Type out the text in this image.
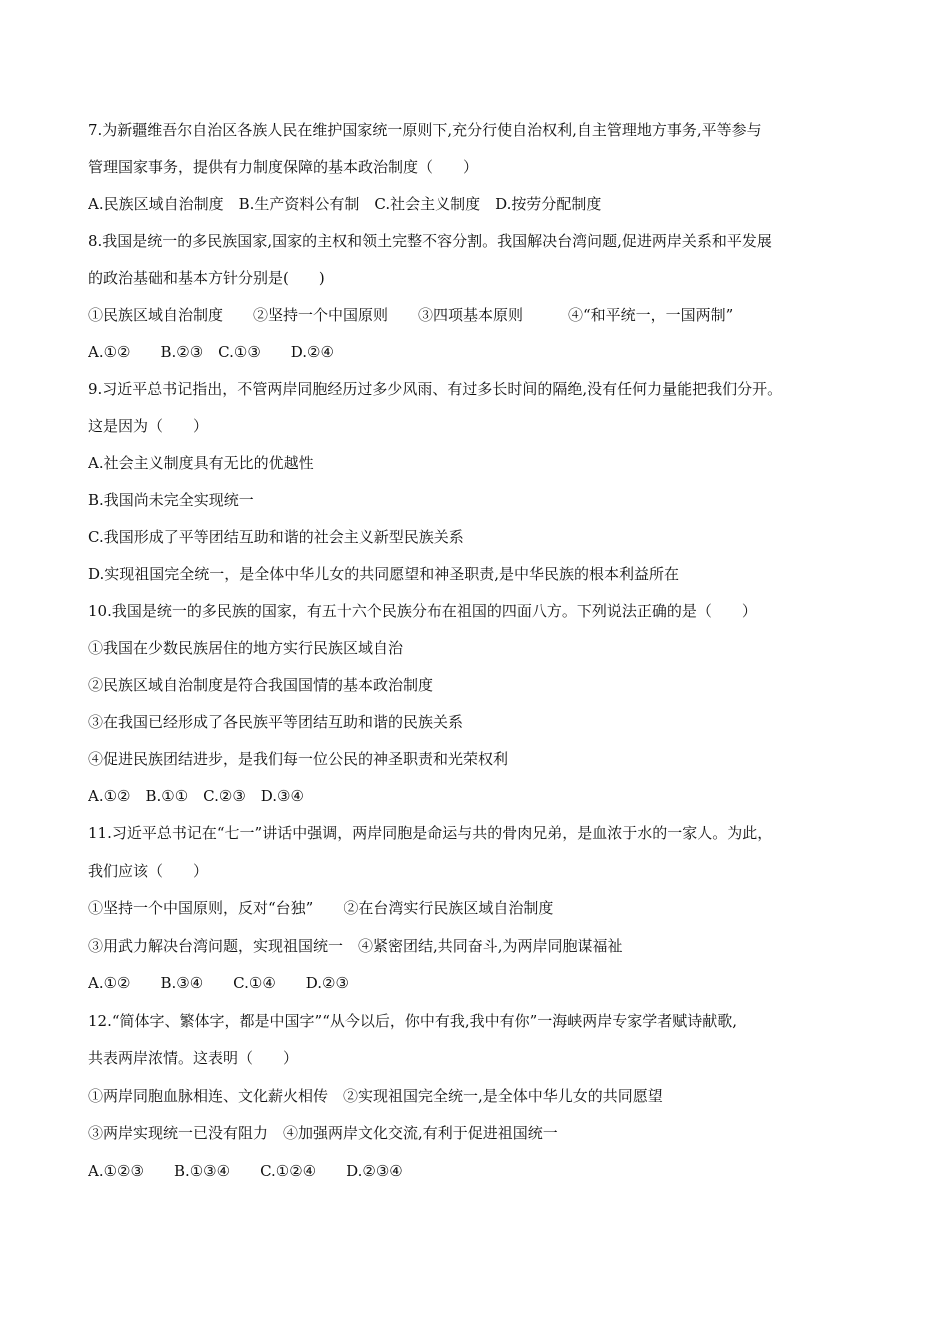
7.为新疆维吾尔自治区各族人民在维护国家统一原则下,充分行使自治权利,自主管理地方事务,平等参与
管理国家事务，提供有力制度保障的基本政治制度（　　）
A.民族区域自治制度　B.生产资料公有制　C.社会主义制度　D.按劳分配制度
8.我国是统一的多民族国家,国家的主权和领土完整不容分割。我国解决台湾问题,促进两岸关系和平发展
的政治基础和基本方针分别是(　　)
①民族区域自治制度　　②坚持一个中国原则　　③四项基本原则　　　④“和平统一，一国两制”
A.①②　　B.②③　C.①③　　D.②④
9.习近平总书记指出，不管两岸同胞经历过多少风雨、有过多长时间的隔绝,没有任何力量能把我们分开。
这是因为（　　）
A.社会主义制度具有无比的优越性
B.我国尚未完全实现统一
C.我国形成了平等团结互助和谐的社会主义新型民族关系
D.实现祖国完全统一，是全体中华儿女的共同愿望和神圣职责,是中华民族的根本利益所在
10.我国是统一的多民族的国家，有五十六个民族分布在祖国的四面八方。下列说法正确的是（　　）
①我国在少数民族居住的地方实行民族区域自治
②民族区域自治制度是符合我国国情的基本政治制度
③在我国已经形成了各民族平等团结互助和谐的民族关系
④促进民族团结进步，是我们每一位公民的神圣职责和光荣权利
A.①②　B.①①　C.②③　D.③④
11.习近平总书记在“七一”讲话中强调，两岸同胞是命运与共的骨肉兄弟，是血浓于水的一家人。为此，
我们应该（　　）
①坚持一个中国原则，反对“台独”　　②在台湾实行民族区域自治制度
③用武力解决台湾问题，实现祖国统一　④紧密团结,共同奋斗,为两岸同胞谋福祉
A.①②　　B.③④　　C.①④　　D.②③
12.“简体字、繁体字，都是中国字”“从今以后，你中有我,我中有你”一海峡两岸专家学者赋诗献歌,
共表两岸浓情。这表明（　　）
①两岸同胞血脉相连、文化薪火相传　②实现祖国完全统一,是全体中华儿女的共同愿望
③两岸实现统一已没有阻力　④加强两岸文化交流,有利于促进祖国统一
A.①②③　　B.①③④　　C.①②④　　D.②③④
